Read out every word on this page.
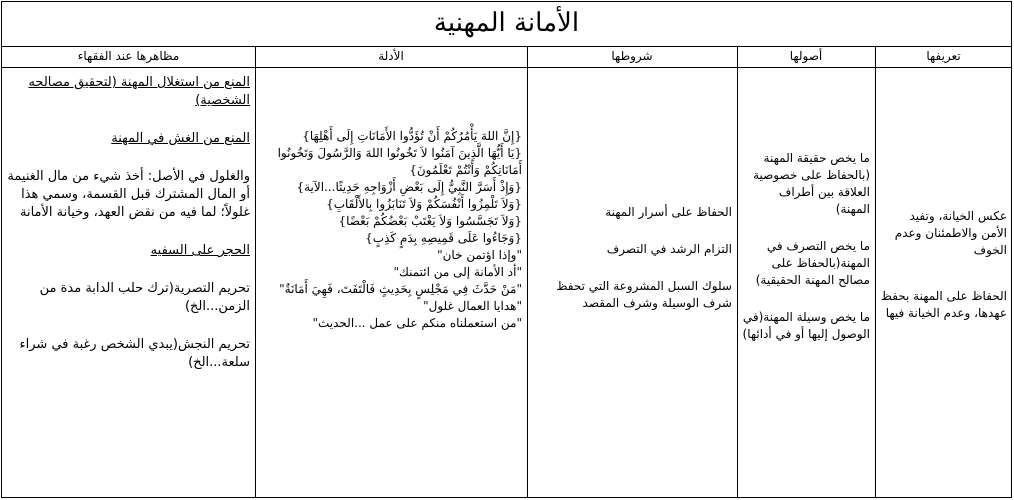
الأمانة المهنية
تعريفها
أصولها
شروطها
الأدلة
مظاهرها عند الفقهاء

عكس الخيانة، وتفيد الأمن والاطمئنان وعدم الخوف

الحفاظ على المهنة بحفظ عهدها، وعدم الخيانة فيها

ما يخص حقيقة المهنة (بالحفاظ على خصوصية العلاقة بين أطراف المهنة)

ما يخص التصرف في المهنة(بالحفاظ على مصالح المهنة الحقيقية)

ما يخص وسيلة المهنة(في الوصول إليها أو في أدائها)

الحفاظ على أسرار المهنة

التزام الرشد في التصرف

سلوك السبل المشروعة التي تحفظ شرف الوسيلة وشرف المقصد

{إِنَّ اللهَ يَأْمُرُكُمْ أَنْ تُؤَدُّوا الأَمَانَاتِ إِلَى أَهْلِهَا}

{يَا أَيُّهَا الَّذِينَ آمَنُوا لاَ تَخُونُوا اللهَ وَالرَّسُولَ وَتَخُونُوا أَمَانَاتِكُمْ وَأَنْتُمْ تَعْلَمُونَ}

{وَإِذْ أَسَرَّ النَّبِيُّ إِلَى بَعْضِ أَزْوَاجِهِ حَدِيثًا...الآية}

{وَلاَ تَلْمِزُوا أَنْفُسَكُمْ وَلاَ تَنَابَزُوا بِالأَلْقَابِ}

{وَلاَ تَجَسَّسُوا وَلاَ يَغْتَبْ بَعْضُكُمْ بَعْضًا}

{وَجَاءُوا عَلَى قَمِيصِهِ بِدَمٍ كَذِبٍ}

"وإذا اؤتمن خان"

"أد الأمانة إلى من ائتمنك"

"مَنْ حَدَّثَ فِي مَجْلِسٍ بِحَدِيثٍ فَالْتَفَتَ، فَهِيَ أَمَانَةٌ"

"هدايا العمال غلول"

"من استعملناه منكم على عمل ...الحديث"

المنع من استغلال المهنة (لتحقيق مصالحه الشخصية)

المنع من الغش في المهنة

والغلول في الأصل: أخذ شيء من مال الغنيمة أو المال المشترك قبل القسمة، وسمي هذا غلولاً؛ لما فيه من نقض العهد، وخيانة الأمانة

الحجر على السفيه

تحريم التصرية(ترك حلب الدابة مدة من الزمن...الخ)

تحريم النجش(يبدي الشخص رغبة في شراء سلعة...الخ)
